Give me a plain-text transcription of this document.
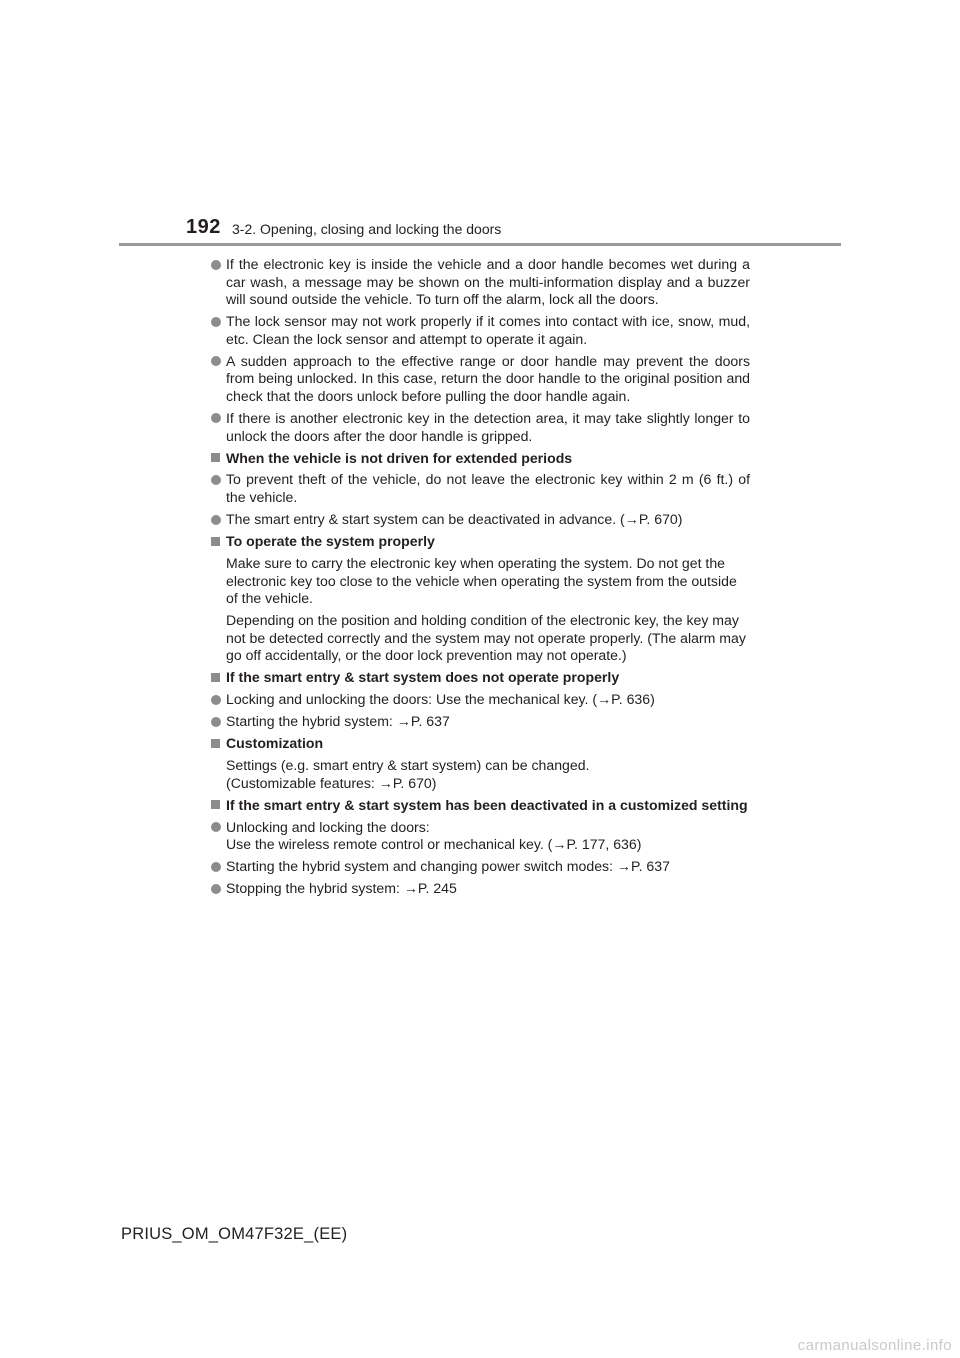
192 3-2. Opening, closing and locking the doors
If the electronic key is inside the vehicle and a door handle becomes wet during a car wash, a message may be shown on the multi-information display and a buzzer will sound outside the vehicle. To turn off the alarm, lock all the doors.
The lock sensor may not work properly if it comes into contact with ice, snow, mud, etc. Clean the lock sensor and attempt to operate it again.
A sudden approach to the effective range or door handle may prevent the doors from being unlocked. In this case, return the door handle to the original position and check that the doors unlock before pulling the door handle again.
If there is another electronic key in the detection area, it may take slightly longer to unlock the doors after the door handle is gripped.
When the vehicle is not driven for extended periods
To prevent theft of the vehicle, do not leave the electronic key within 2 m (6 ft.) of the vehicle.
The smart entry & start system can be deactivated in advance. (→P. 670)
To operate the system properly
Make sure to carry the electronic key when operating the system. Do not get the electronic key too close to the vehicle when operating the system from the outside of the vehicle.
Depending on the position and holding condition of the electronic key, the key may not be detected correctly and the system may not operate properly. (The alarm may go off accidentally, or the door lock prevention may not operate.)
If the smart entry & start system does not operate properly
Locking and unlocking the doors: Use the mechanical key. (→P. 636)
Starting the hybrid system: →P. 637
Customization
Settings (e.g. smart entry & start system) can be changed.
(Customizable features: →P. 670)
If the smart entry & start system has been deactivated in a customized setting
Unlocking and locking the doors:
Use the wireless remote control or mechanical key. (→P. 177, 636)
Starting the hybrid system and changing power switch modes: →P. 637
Stopping the hybrid system: →P. 245
PRIUS_OM_OM47F32E_(EE)
carmanualsonline.info
